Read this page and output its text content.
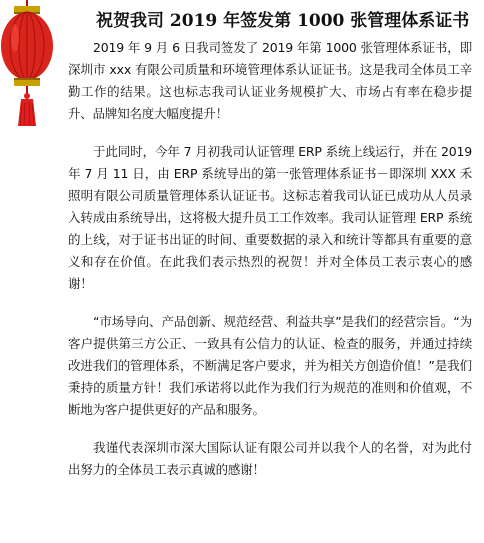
祝贺我司 2019 年签发第 1000 张管理体系证书

2019 年 9 月 6 日我司签发了 2019 年第 1000 张管理体系证书，即深圳市 xxx 有限公司质量和环境管理体系认证证书。这是我司全体员工辛勤工作的结果。这也标志我司认证业务规模扩大、市场占有率在稳步提升、品牌知名度大幅度提升！

于此同时，今年 7 月初我司认证管理 ERP 系统上线运行，并在 2019 年 7 月 11 日，由 ERP 系统导出的第一张管理体系证书－即深圳 XXX 禾照明有限公司质量管理体系认证证书。这标志着我司认证已成功从人员录入转成由系统导出，这将极大提升员工工作效率。我司认证管理 ERP 系统的上线，对于证书出证的时间、重要数据的录入和统计等都具有重要的意义和存在价值。在此我们表示热烈的祝贺！并对全体员工表示衷心的感谢！

“市场导向、产品创新、规范经营、利益共享”是我们的经营宗旨。“为客户提供第三方公正、一致具有公信力的认证、检查的服务，并通过持续改进我们的管理体系，不断满足客户要求，并为相关方创造价值！”是我们秉持的质量方针！我们承诺将以此作为我们行为规范的准则和价值观，不断地为客户提供更好的产品和服务。

我谨代表深圳市深大国际认证有限公司并以我个人的名誉，对为此付出努力的全体员工表示真诚的感谢！
